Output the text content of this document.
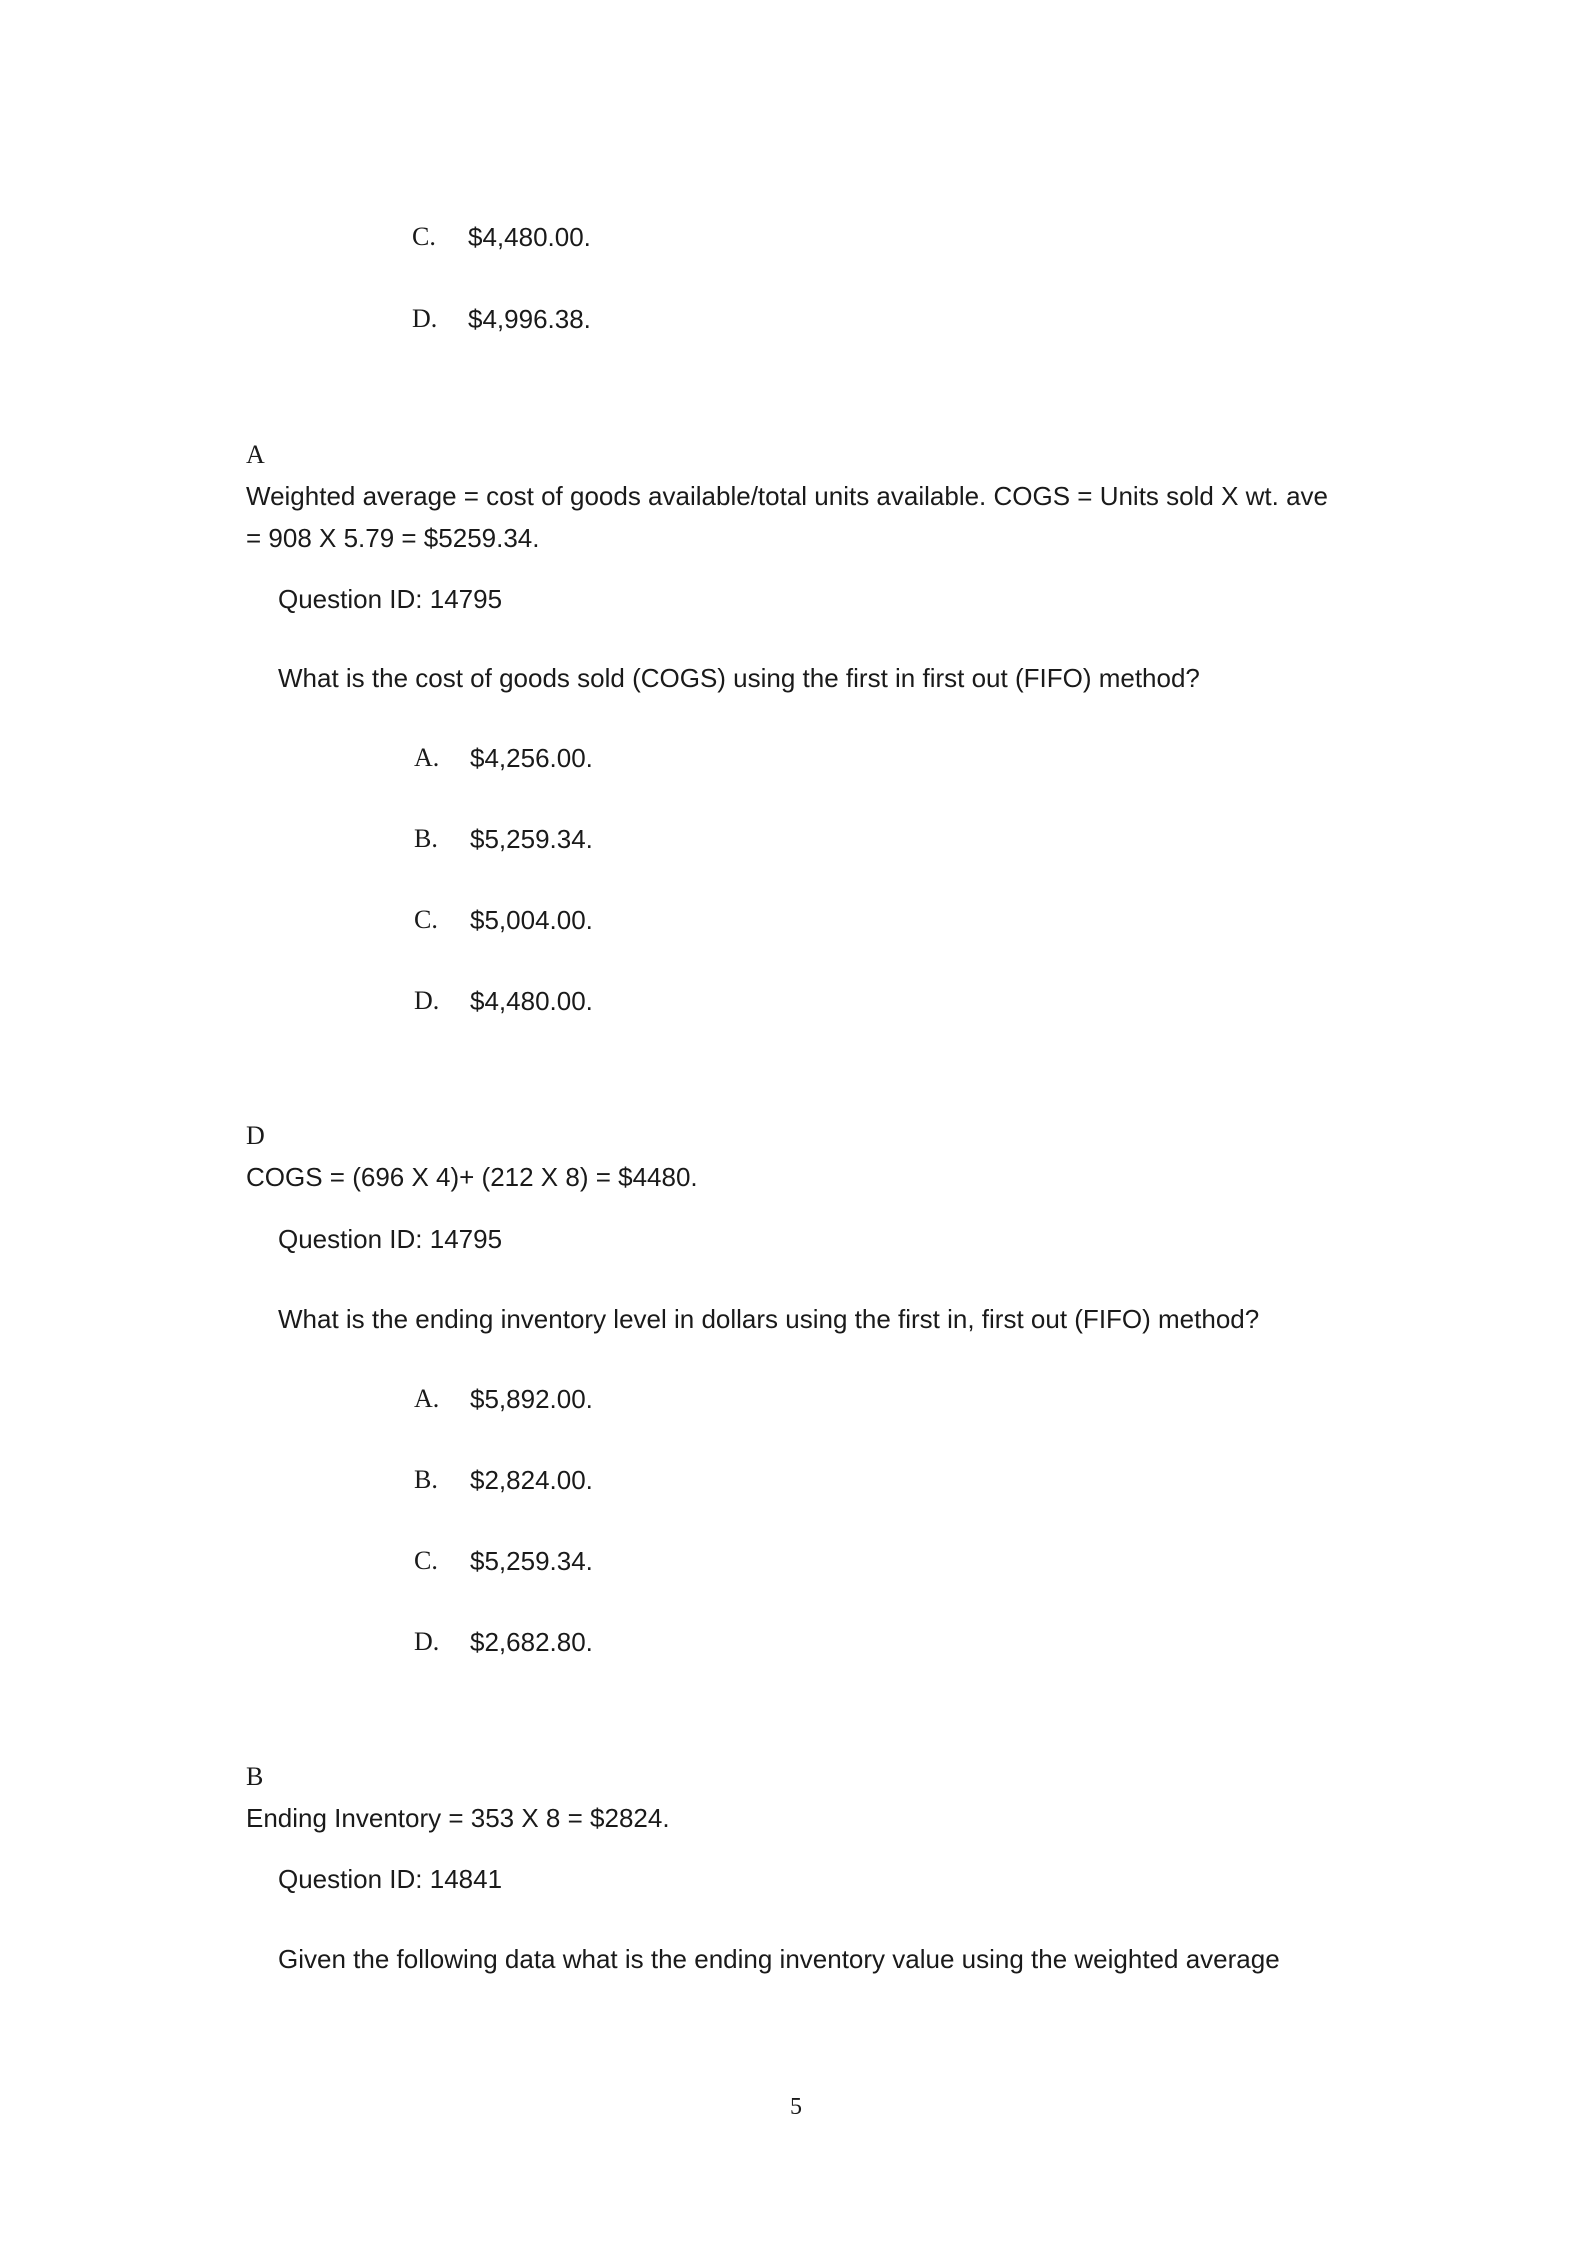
C. $4,480.00.
D. $4,996.38.
A
Weighted average = cost of goods available/total units available. COGS = Units sold X wt. ave
= 908 X 5.79 = $5259.34.
Question ID: 14795
What is the cost of goods sold (COGS) using the first in first out (FIFO) method?
A. $4,256.00.
B. $5,259.34.
C. $5,004.00.
D. $4,480.00.
D
COGS = (696 X 4)+ (212 X 8) = $4480.
Question ID: 14795
What is the ending inventory level in dollars using the first in, first out (FIFO) method?
A. $5,892.00.
B. $2,824.00.
C. $5,259.34.
D. $2,682.80.
B
Ending Inventory = 353 X 8 = $2824.
Question ID: 14841
Given the following data what is the ending inventory value using the weighted average
5
